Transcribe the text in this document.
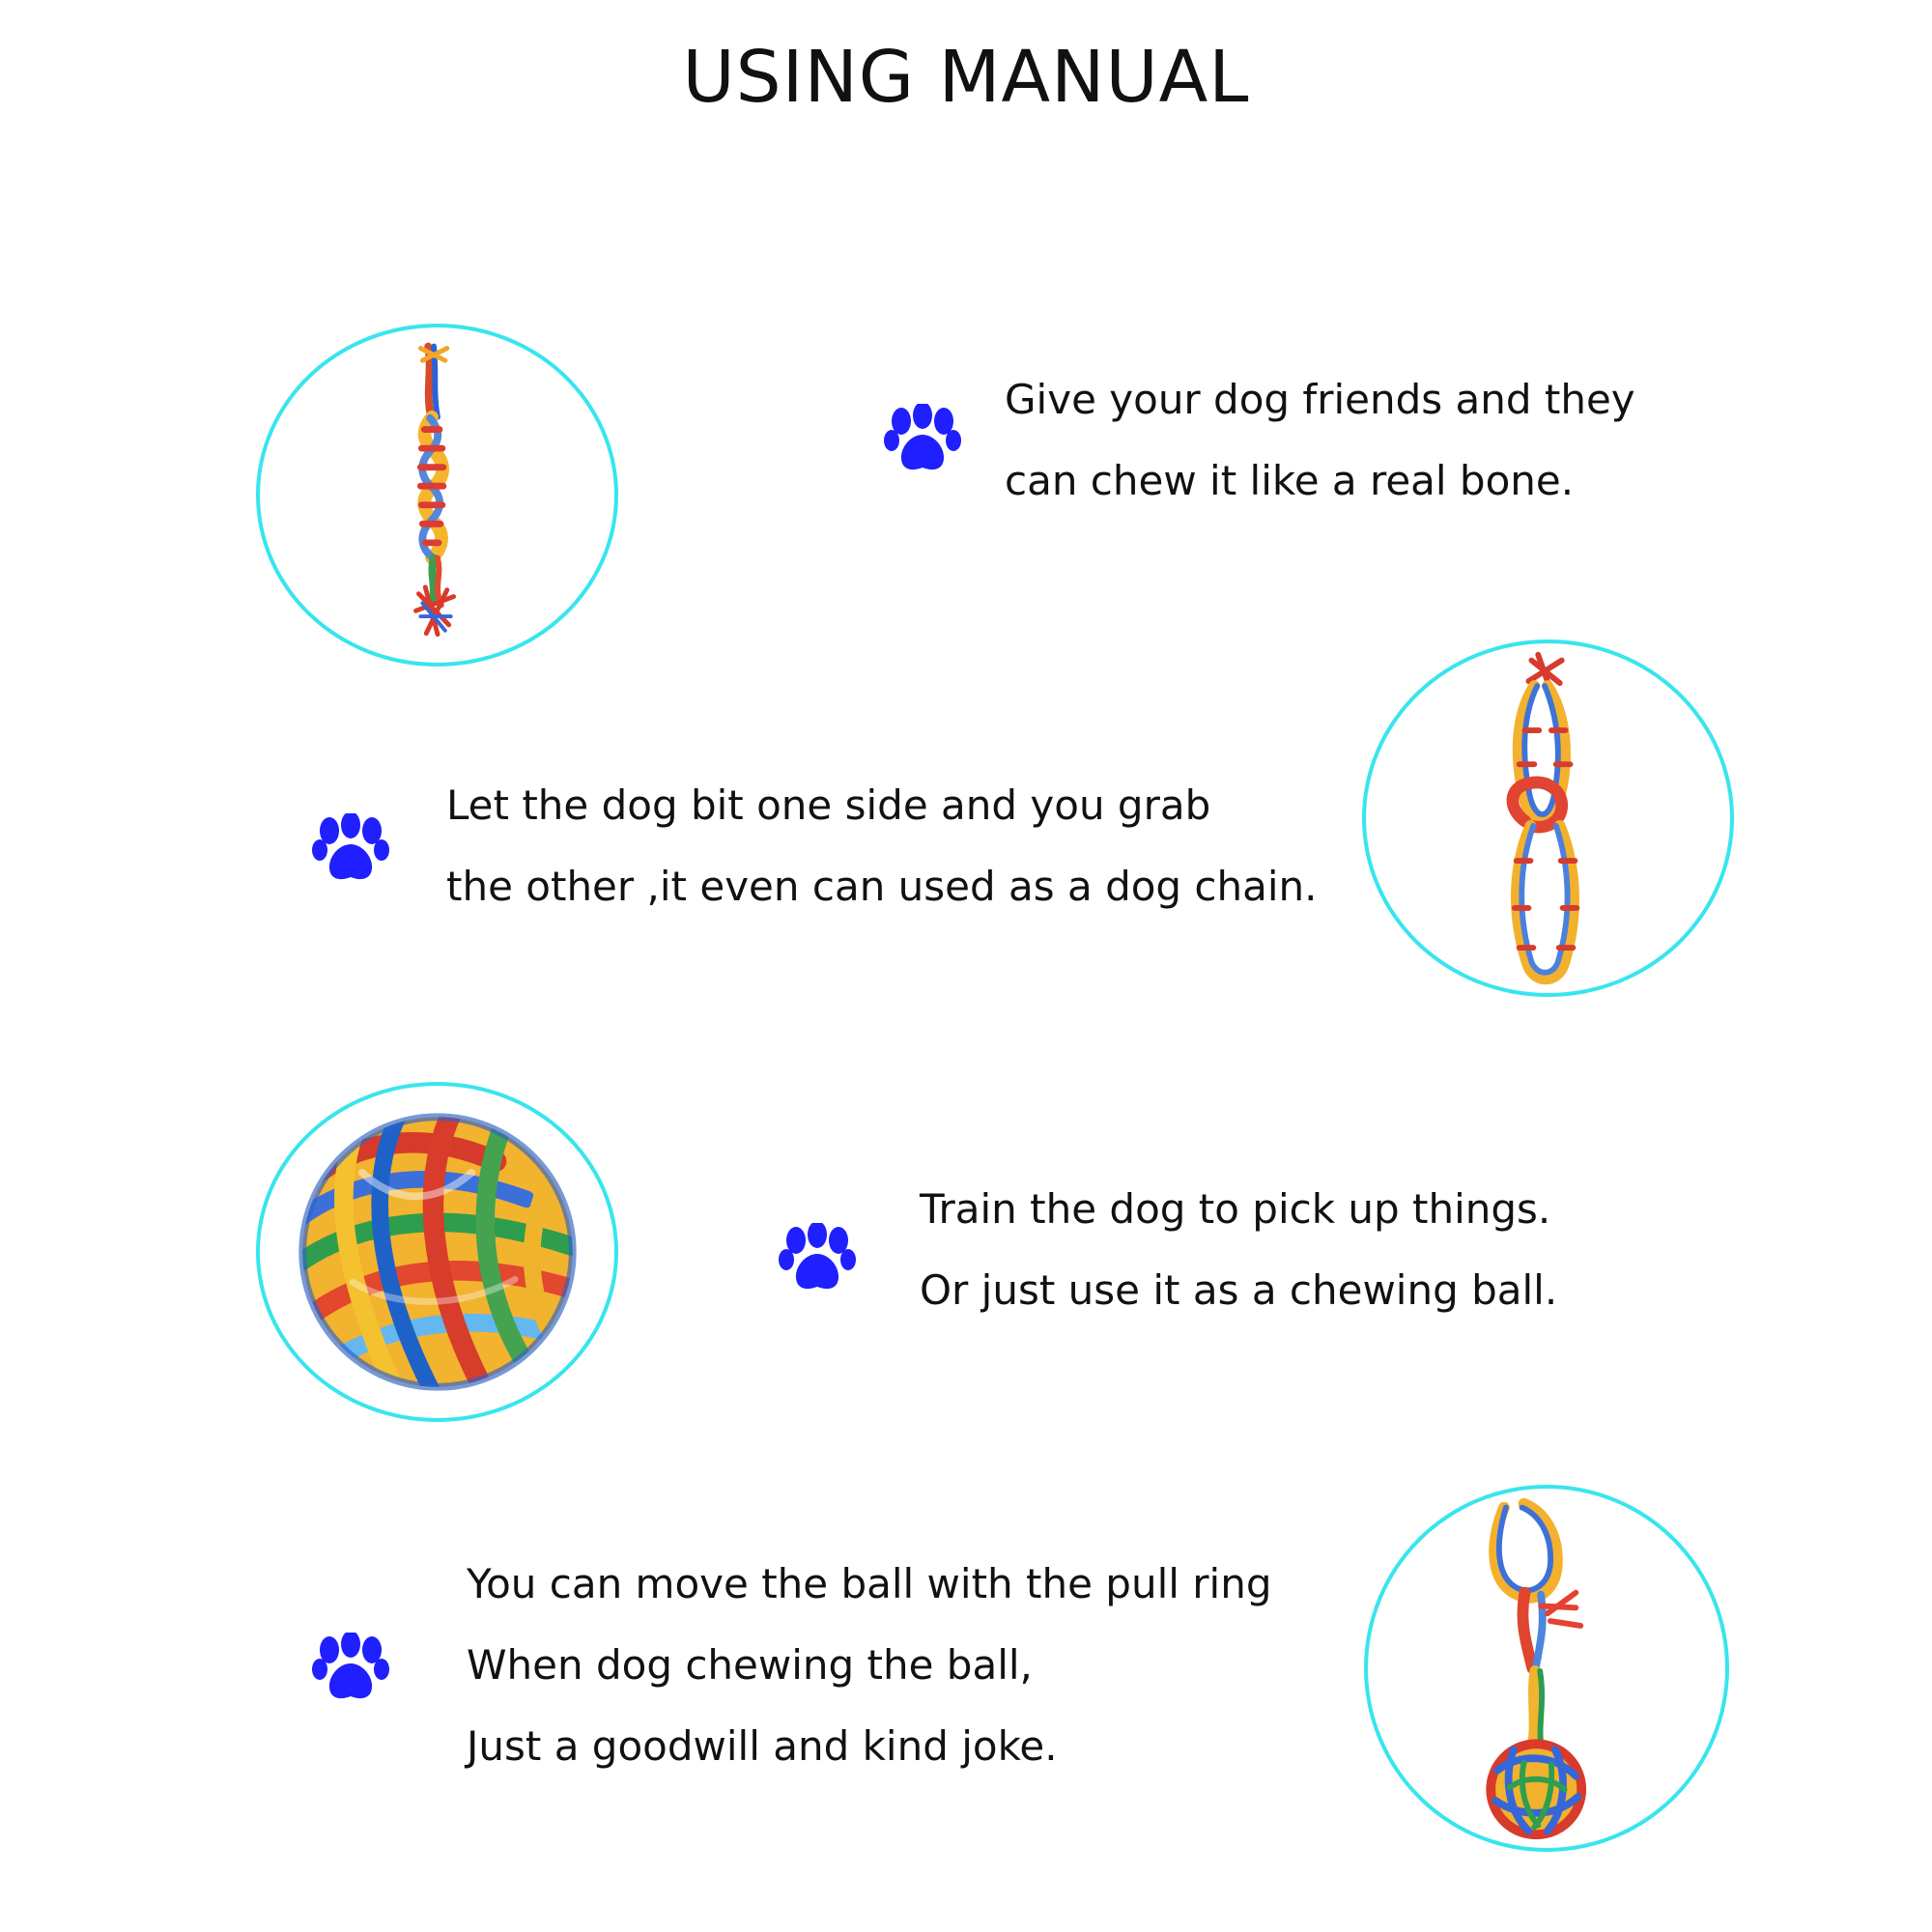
USING MANUAL
Give your dog friends and they
can chew it like a real bone.
Let the dog bit one side and you grab
the other ,it even can used as a dog chain.
Train the dog to pick up things.
Or just use it as a chewing ball.
You can move the ball with the pull ring
When dog chewing the ball,
Just a goodwill and kind joke.
